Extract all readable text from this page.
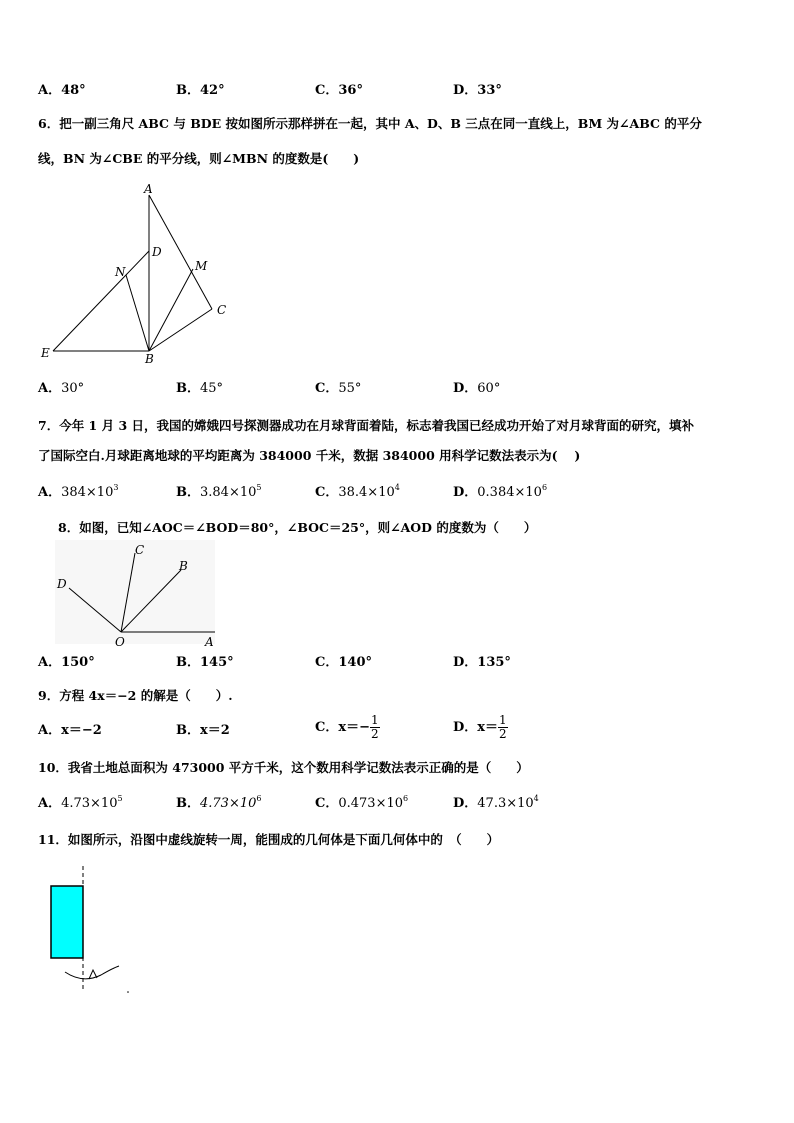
A．48°	B．42°	C．36°	D．33°
6．把一副三角尺 ABC 与 BDE 按如图所示那样拼在一起，其中 A、D、B 三点在同一直线上，BM 为∠ABC 的平分
线，BN 为∠CBE 的平分线，则∠MBN 的度数是(　　)
A
D
N	M
C
E	B
A．30°	B．45°	C．55°	D．60°
7．今年 1 月 3 日，我国的嫦娥四号探测器成功在月球背面着陆，标志着我国已经成功开始了对月球背面的研究，填补
了国际空白.月球距离地球的平均距离为 384000 千米，数据 384000 用科学记数法表示为(　 )
A．$384\times 10^3$	B．$3.84\times 10^5$	C．$38.4\times 10^4$	D．$0.384\times 10^6$
8．如图，已知∠AOC＝∠BOD＝80°，∠BOC＝25°，则∠AOD 的度数为（　　）
C
B
D
O	A
A．150°	B．145°	C．140°	D．135°
9．方程 4x＝−2 的解是（　　）.
A．x＝−2	B．x＝2	C．$x=- \frac{1}{2}$	D．$x= \frac{1}{2}$
10．我省土地总面积为 473000 平方千米，这个数用科学记数法表示正确的是（　　）
A．$4.73\times 10^5$	B．$4.73\times 10^6$	C．$0.473\times 10^6$	D．$47.3\times 10^4$
11．如图所示，沿图中虚线旋转一周，能围成的几何体是下面几何体中的　（　　）
